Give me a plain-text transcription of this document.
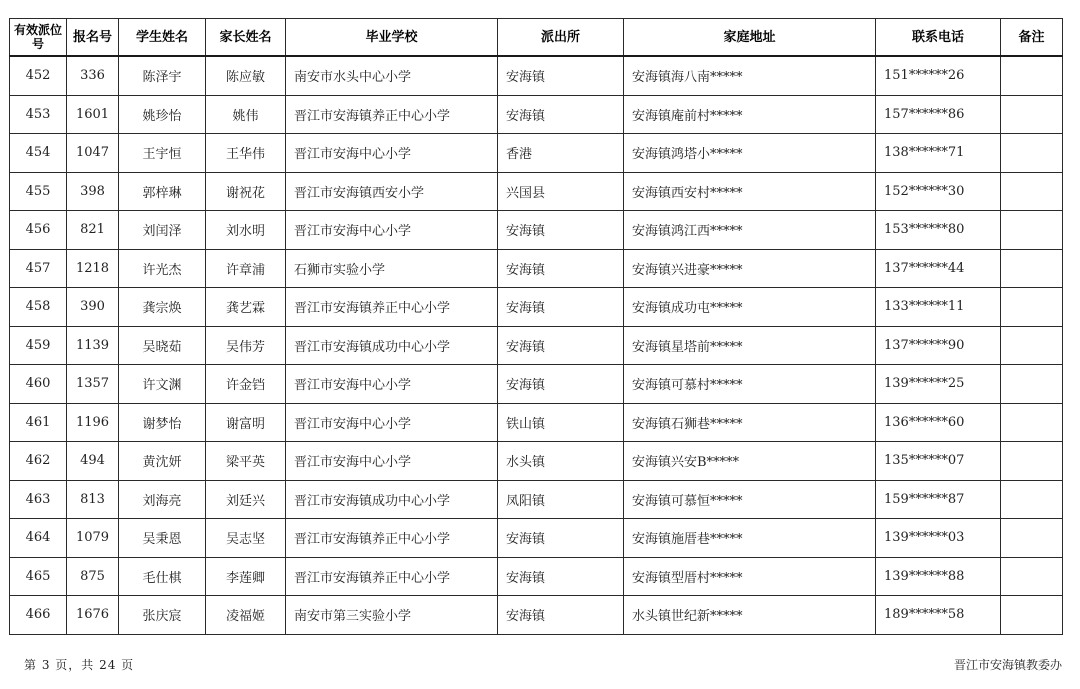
有效派位号	报名号	学生姓名	家长姓名	毕业学校	派出所	家庭地址	联系电话	备注
452	336	陈泽宇	陈应敏	南安市水头中心小学	安海镇	安海镇海八南*****	151******26	
453	1601	姚珍怡	姚伟	晋江市安海镇养正中心小学	安海镇	安海镇庵前村*****	157******86	
454	1047	王宇恒	王华伟	晋江市安海中心小学	香港	安海镇鸿塔小*****	138******71	
455	398	郭梓琳	谢祝花	晋江市安海镇西安小学	兴国县	安海镇西安村*****	152******30	
456	821	刘闰泽	刘水明	晋江市安海中心小学	安海镇	安海镇鸿江西*****	153******80	
457	1218	许光杰	许章浦	石狮市实验小学	安海镇	安海镇兴进豪*****	137******44	
458	390	龚宗焕	龚艺霖	晋江市安海镇养正中心小学	安海镇	安海镇成功屯*****	133******11	
459	1139	吴晓茹	吴伟芳	晋江市安海镇成功中心小学	安海镇	安海镇星塔前*****	137******90	
460	1357	许文渊	许金铛	晋江市安海中心小学	安海镇	安海镇可慕村*****	139******25	
461	1196	谢梦怡	谢富明	晋江市安海中心小学	铁山镇	安海镇石狮巷*****	136******60	
462	494	黄沈妍	梁平英	晋江市安海中心小学	水头镇	安海镇兴安B*****	135******07	
463	813	刘海亮	刘廷兴	晋江市安海镇成功中心小学	凤阳镇	安海镇可慕恒*****	159******87	
464	1079	吴秉恩	吴志坚	晋江市安海镇养正中心小学	安海镇	安海镇施厝巷*****	139******03	
465	875	毛仕棋	李莲卿	晋江市安海镇养正中心小学	安海镇	安海镇型厝村*****	139******88	
466	1676	张庆宸	凌福姬	南安市第三实验小学	安海镇	水头镇世纪新*****	189******58	
第 3 页，共 24 页	晋江市安海镇教委办
